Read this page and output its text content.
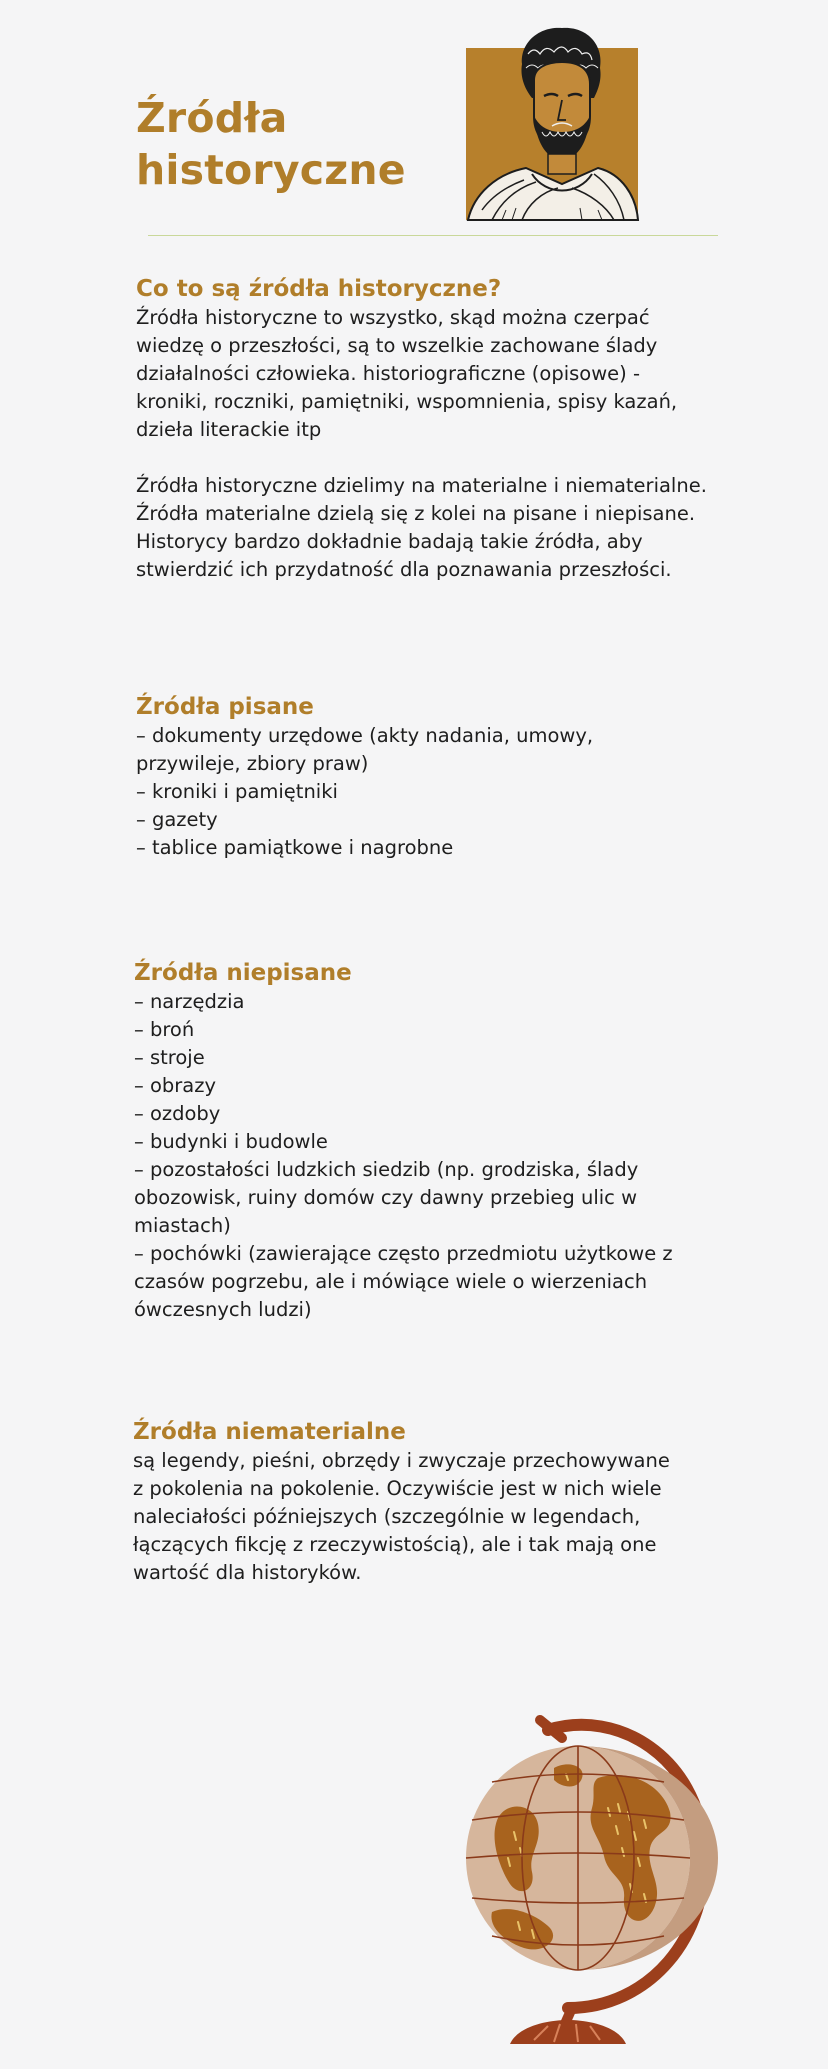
Źródła
historyczne
Co to są źródła historyczne?

Źródła historyczne to wszystko, skąd można czerpać wiedzę o przeszłości, są to wszelkie zachowane ślady działalności człowieka. historiograficzne (opisowe) - kroniki, roczniki, pamiętniki, wspomnienia, spisy kazań, dzieła literackie itp

Źródła historyczne dzielimy na materialne i niematerialne. Źródła materialne dzielą się z kolei na pisane i niepisane. Historycy bardzo dokładnie badają takie źródła, aby stwierdzić ich przydatność dla poznawania przeszłości.

Źródła pisane

– dokumenty urzędowe (akty nadania, umowy, przywileje, zbiory praw)

– kroniki i pamiętniki

– gazety

– tablice pamiątkowe i nagrobne

Źródła niepisane

– narzędzia

– broń

– stroje

– obrazy

– ozdoby

– budynki i budowle

– pozostałości ludzkich siedzib (np. grodziska, ślady obozowisk, ruiny domów czy dawny przebieg ulic w miastach)

– pochówki (zawierające często przedmiotu użytkowe z czasów pogrzebu, ale i mówiące wiele o wierzeniach ówczesnych ludzi)

Źródła niematerialne

są legendy, pieśni, obrzędy i zwyczaje przechowywane z pokolenia na pokolenie. Oczywiście jest w nich wiele naleciałości późniejszych (szczególnie w legendach, łączących fikcję z rzeczywistością), ale i tak mają one wartość dla historyków.
